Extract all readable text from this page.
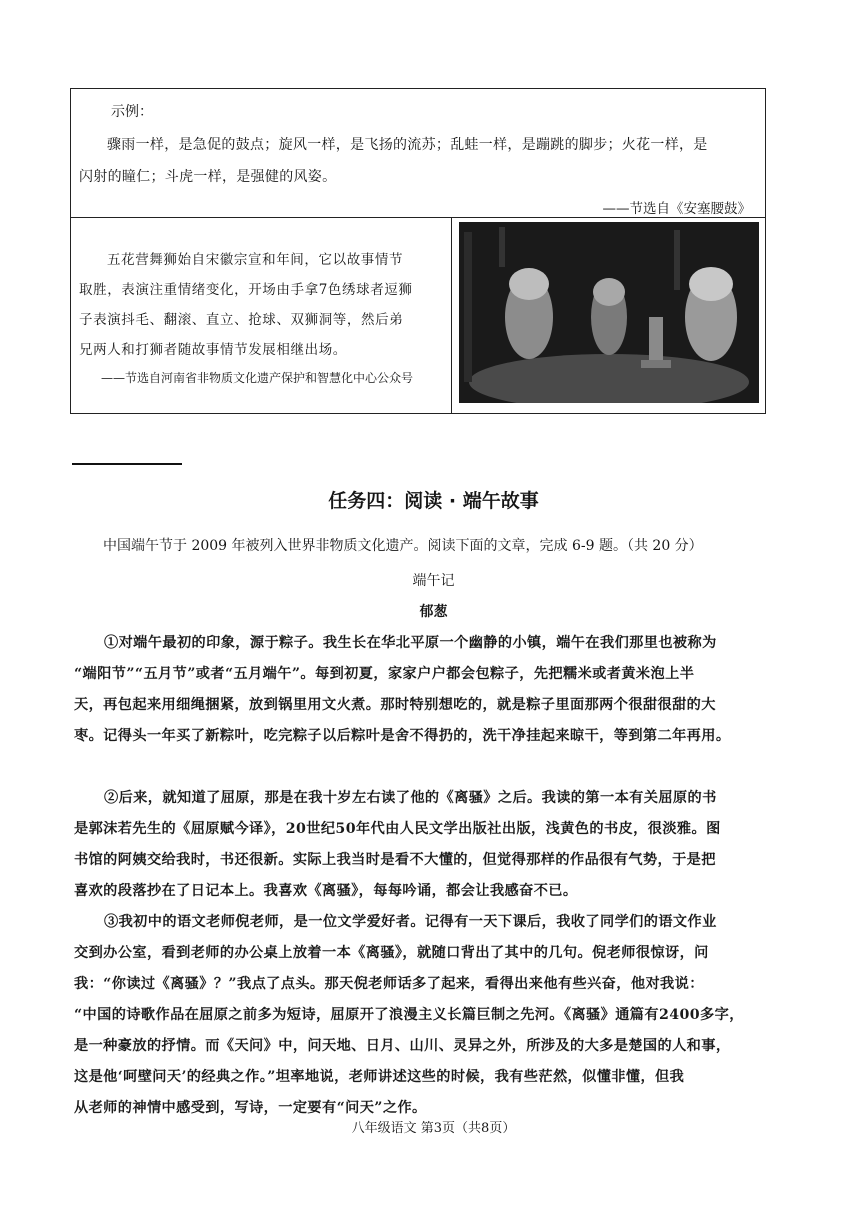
示例：
骤雨一样，是急促的鼓点；旋风一样，是飞扬的流苏；乱蛙一样，是蹦跳的脚步；火花一样，是
闪射的瞳仁；斗虎一样，是强健的风姿。
——节选自《安塞腰鼓》
五花营舞狮始自宋徽宗宣和年间，它以故事情节
取胜，表演注重情绪变化，开场由手拿7色绣球者逗狮
子表演抖毛、翻滚、直立、抢球、双狮洞等，然后弟
兄两人和打狮者随故事情节发展相继出场。
——节选自河南省非物质文化遗产保护和智慧化中心公众号
任务四：阅读 · 端午故事
中国端午节于 2009 年被列入世界非物质文化遗产。阅读下面的文章，完成 6-9 题。（共 20 分）
端午记
郁葱
①对端午最初的印象，源于粽子。我生长在华北平原一个幽静的小镇，端午在我们那里也被称为
“端阳节”“五月节”或者“五月端午”。每到初夏，家家户户都会包粽子，先把糯米或者黄米泡上半
天，再包起来用细绳捆紧，放到锅里用文火煮。那时特别想吃的，就是粽子里面那两个很甜很甜的大
枣。记得头一年买了新粽叶，吃完粽子以后粽叶是舍不得扔的，洗干净挂起来晾干，等到第二年再用。
②后来，就知道了屈原，那是在我十岁左右读了他的《离骚》之后。我读的第一本有关屈原的书
是郭沫若先生的《屈原赋今译》，20世纪50年代由人民文学出版社出版，浅黄色的书皮，很淡雅。图
书馆的阿姨交给我时，书还很新。实际上我当时是看不大懂的，但觉得那样的作品很有气势，于是把
喜欢的段落抄在了日记本上。我喜欢《离骚》，每每吟诵，都会让我感奋不已。
③我初中的语文老师倪老师，是一位文学爱好者。记得有一天下课后，我收了同学们的语文作业
交到办公室，看到老师的办公桌上放着一本《离骚》，就随口背出了其中的几句。倪老师很惊讶，问
我：“你读过《离骚》？”我点了点头。那天倪老师话多了起来，看得出来他有些兴奋，他对我说：
“中国的诗歌作品在屈原之前多为短诗，屈原开了浪漫主义长篇巨制之先河。《离骚》通篇有2400多字，
是一种豪放的抒情。而《天问》中，问天地、日月、山川、灵异之外，所涉及的大多是楚国的人和事，
这是他‘呵壁问天’的经典之作。”坦率地说，老师讲述这些的时候，我有些茫然，似懂非懂，但我
从老师的神情中感受到，写诗，一定要有“问天”之作。
八年级语文 第3页（共8页）
